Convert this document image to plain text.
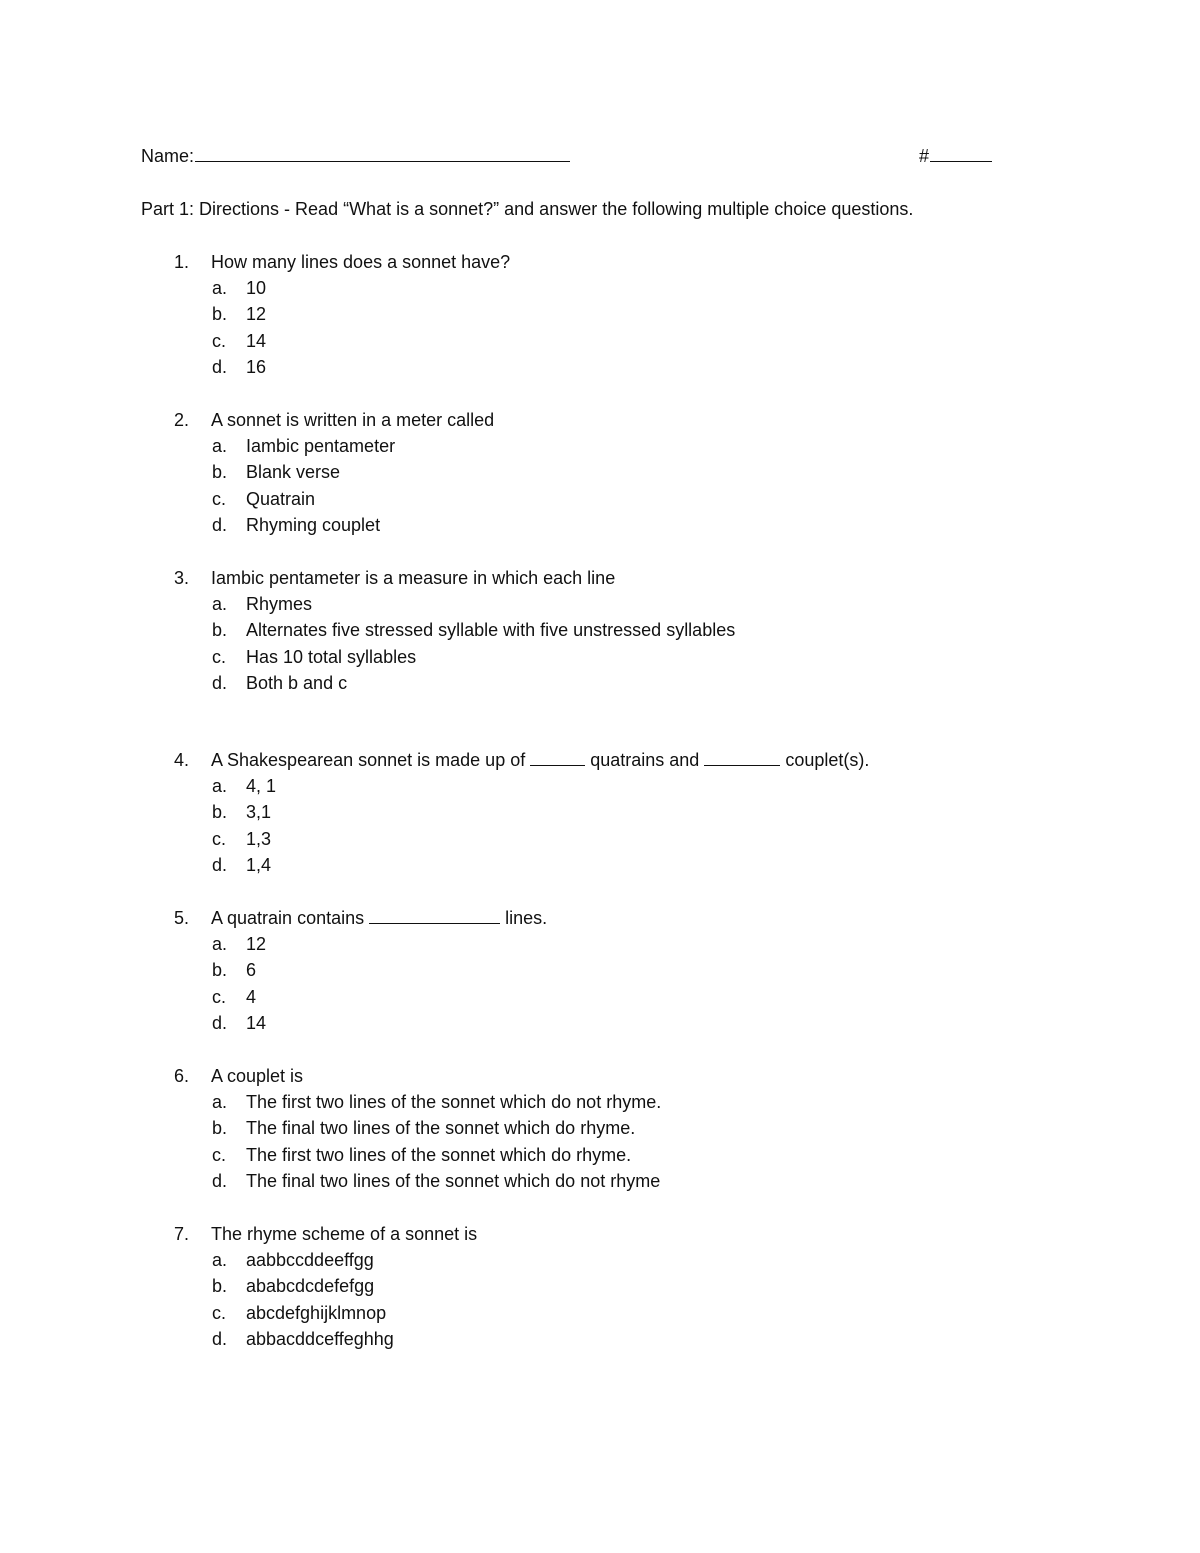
Name:	#
Part 1: Directions - Read “What is a sonnet?” and answer the following multiple choice questions.
1. How many lines does a sonnet have?
a. 10
b. 12
c. 14
d. 16
2. A sonnet is written in a meter called
a. Iambic pentameter
b. Blank verse
c. Quatrain
d. Rhyming couplet
3. Iambic pentameter is a measure in which each line
a. Rhymes
b. Alternates five stressed syllable with five unstressed syllables
c. Has 10 total syllables
d. Both b and c
4. A Shakespearean sonnet is made up of	quatrains and	couplet(s).
a. 4, 1
b. 3,1
c. 1,3
d. 1,4
5. A quatrain contains	lines.
a. 12
b. 6
c. 4
d. 14
6. A couplet is
a. The first two lines of the sonnet which do not rhyme.
b. The final two lines of the sonnet which do rhyme.
c. The first two lines of the sonnet which do rhyme.
d. The final two lines of the sonnet which do not rhyme
7. The rhyme scheme of a sonnet is
a. aabbccddeeffgg
b. ababcdcdefefgg
c. abcdefghijklmnop
d. abbacddceffeghhg
